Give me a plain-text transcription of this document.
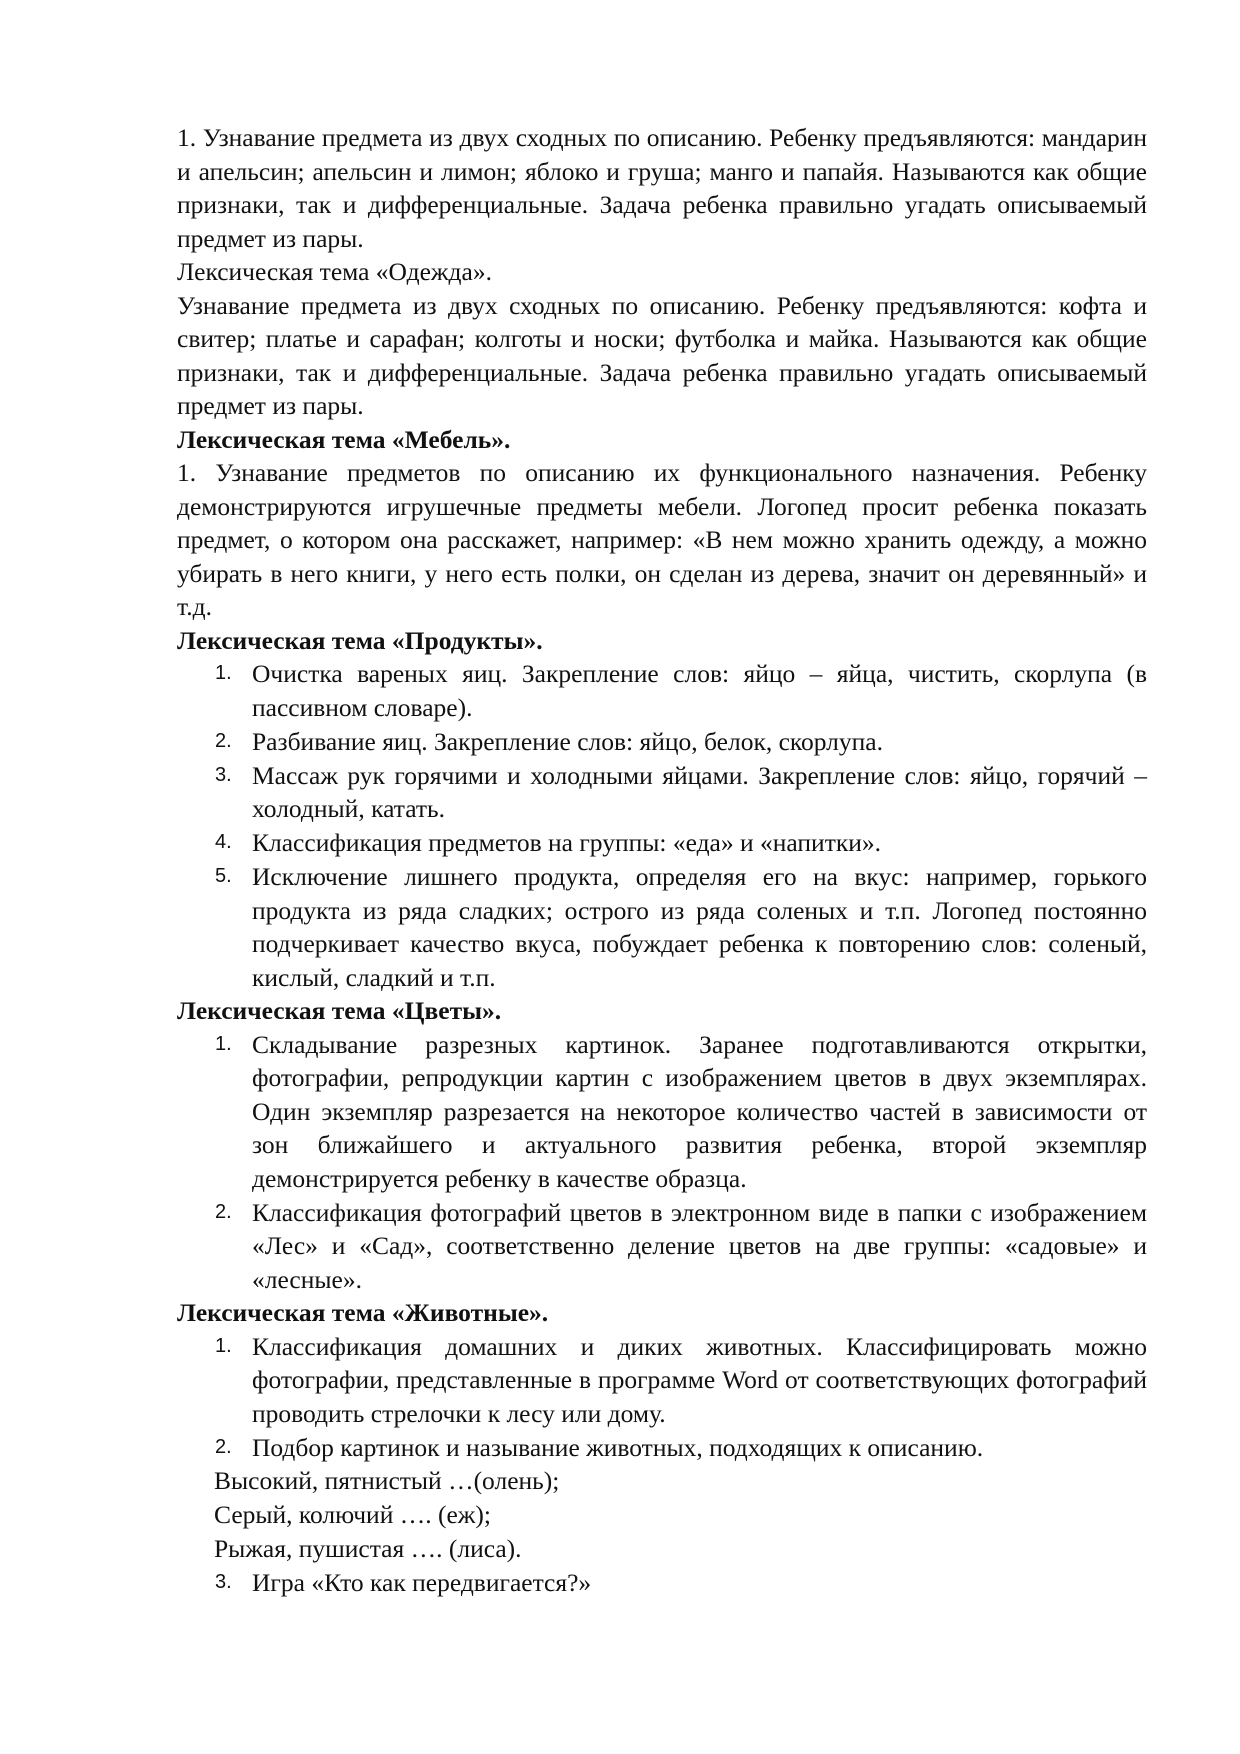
1. Узнавание предмета из двух сходных по описанию. Ребенку предъявляются: мандарин и апельсин; апельсин и лимон; яблоко и груша; манго и папайя. Называются как общие признаки, так и дифференциальные. Задача ребенка правильно угадать описываемый предмет из пары.

Лексическая тема «Одежда».

Узнавание предмета из двух сходных по описанию. Ребенку предъявляются: кофта и свитер; платье и сарафан; колготы и носки; футболка и майка. Называются как общие признаки, так и дифференциальные. Задача ребенка правильно угадать описываемый предмет из пары.

Лексическая тема «Мебель».

1. Узнавание предметов по описанию их функционального назначения. Ребенку демонстрируются игрушечные предметы мебели. Логопед просит ребенка показать предмет, о котором она расскажет, например: «В нем можно хранить одежду, а можно убирать в него книги, у него есть полки, он сделан из дерева, значит он деревянный» и т.д.

Лексическая тема «Продукты».

1. Очистка вареных яиц. Закрепление слов: яйцо – яйца, чистить, скорлупа (в пассивном словаре).
2. Разбивание яиц. Закрепление слов: яйцо, белок, скорлупа.
3. Массаж рук горячими и холодными яйцами. Закрепление слов: яйцо, горячий – холодный, катать.
4. Классификация предметов на группы: «еда» и «напитки».
5. Исключение лишнего продукта, определяя его на вкус: например, горького продукта из ряда сладких; острого из ряда соленых и т.п. Логопед постоянно подчеркивает качество вкуса, побуждает ребенка к повторению слов: соленый, кислый, сладкий и т.п.

Лексическая тема «Цветы».

1. Складывание разрезных картинок. Заранее подготавливаются открытки, фотографии, репродукции картин с изображением цветов в двух экземплярах. Один экземпляр разрезается на некоторое количество частей в зависимости от зон ближайшего и актуального развития ребенка, второй экземпляр демонстрируется ребенку в качестве образца.
2. Классификация фотографий цветов в электронном виде в папки с изображением «Лес» и «Сад», соответственно деление цветов на две группы: «садовые» и «лесные».

Лексическая тема «Животные».

1. Классификация домашних и диких животных. Классифицировать можно фотографии, представленные в программе Word от соответствующих фотографий проводить стрелочки к лесу или дому.
2. Подбор картинок и называние животных, подходящих к описанию.

Высокий, пятнистый …(олень);

Серый, колючий …. (еж);

Рыжая, пушистая …. (лиса).

3. Игра «Кто как передвигается?»
